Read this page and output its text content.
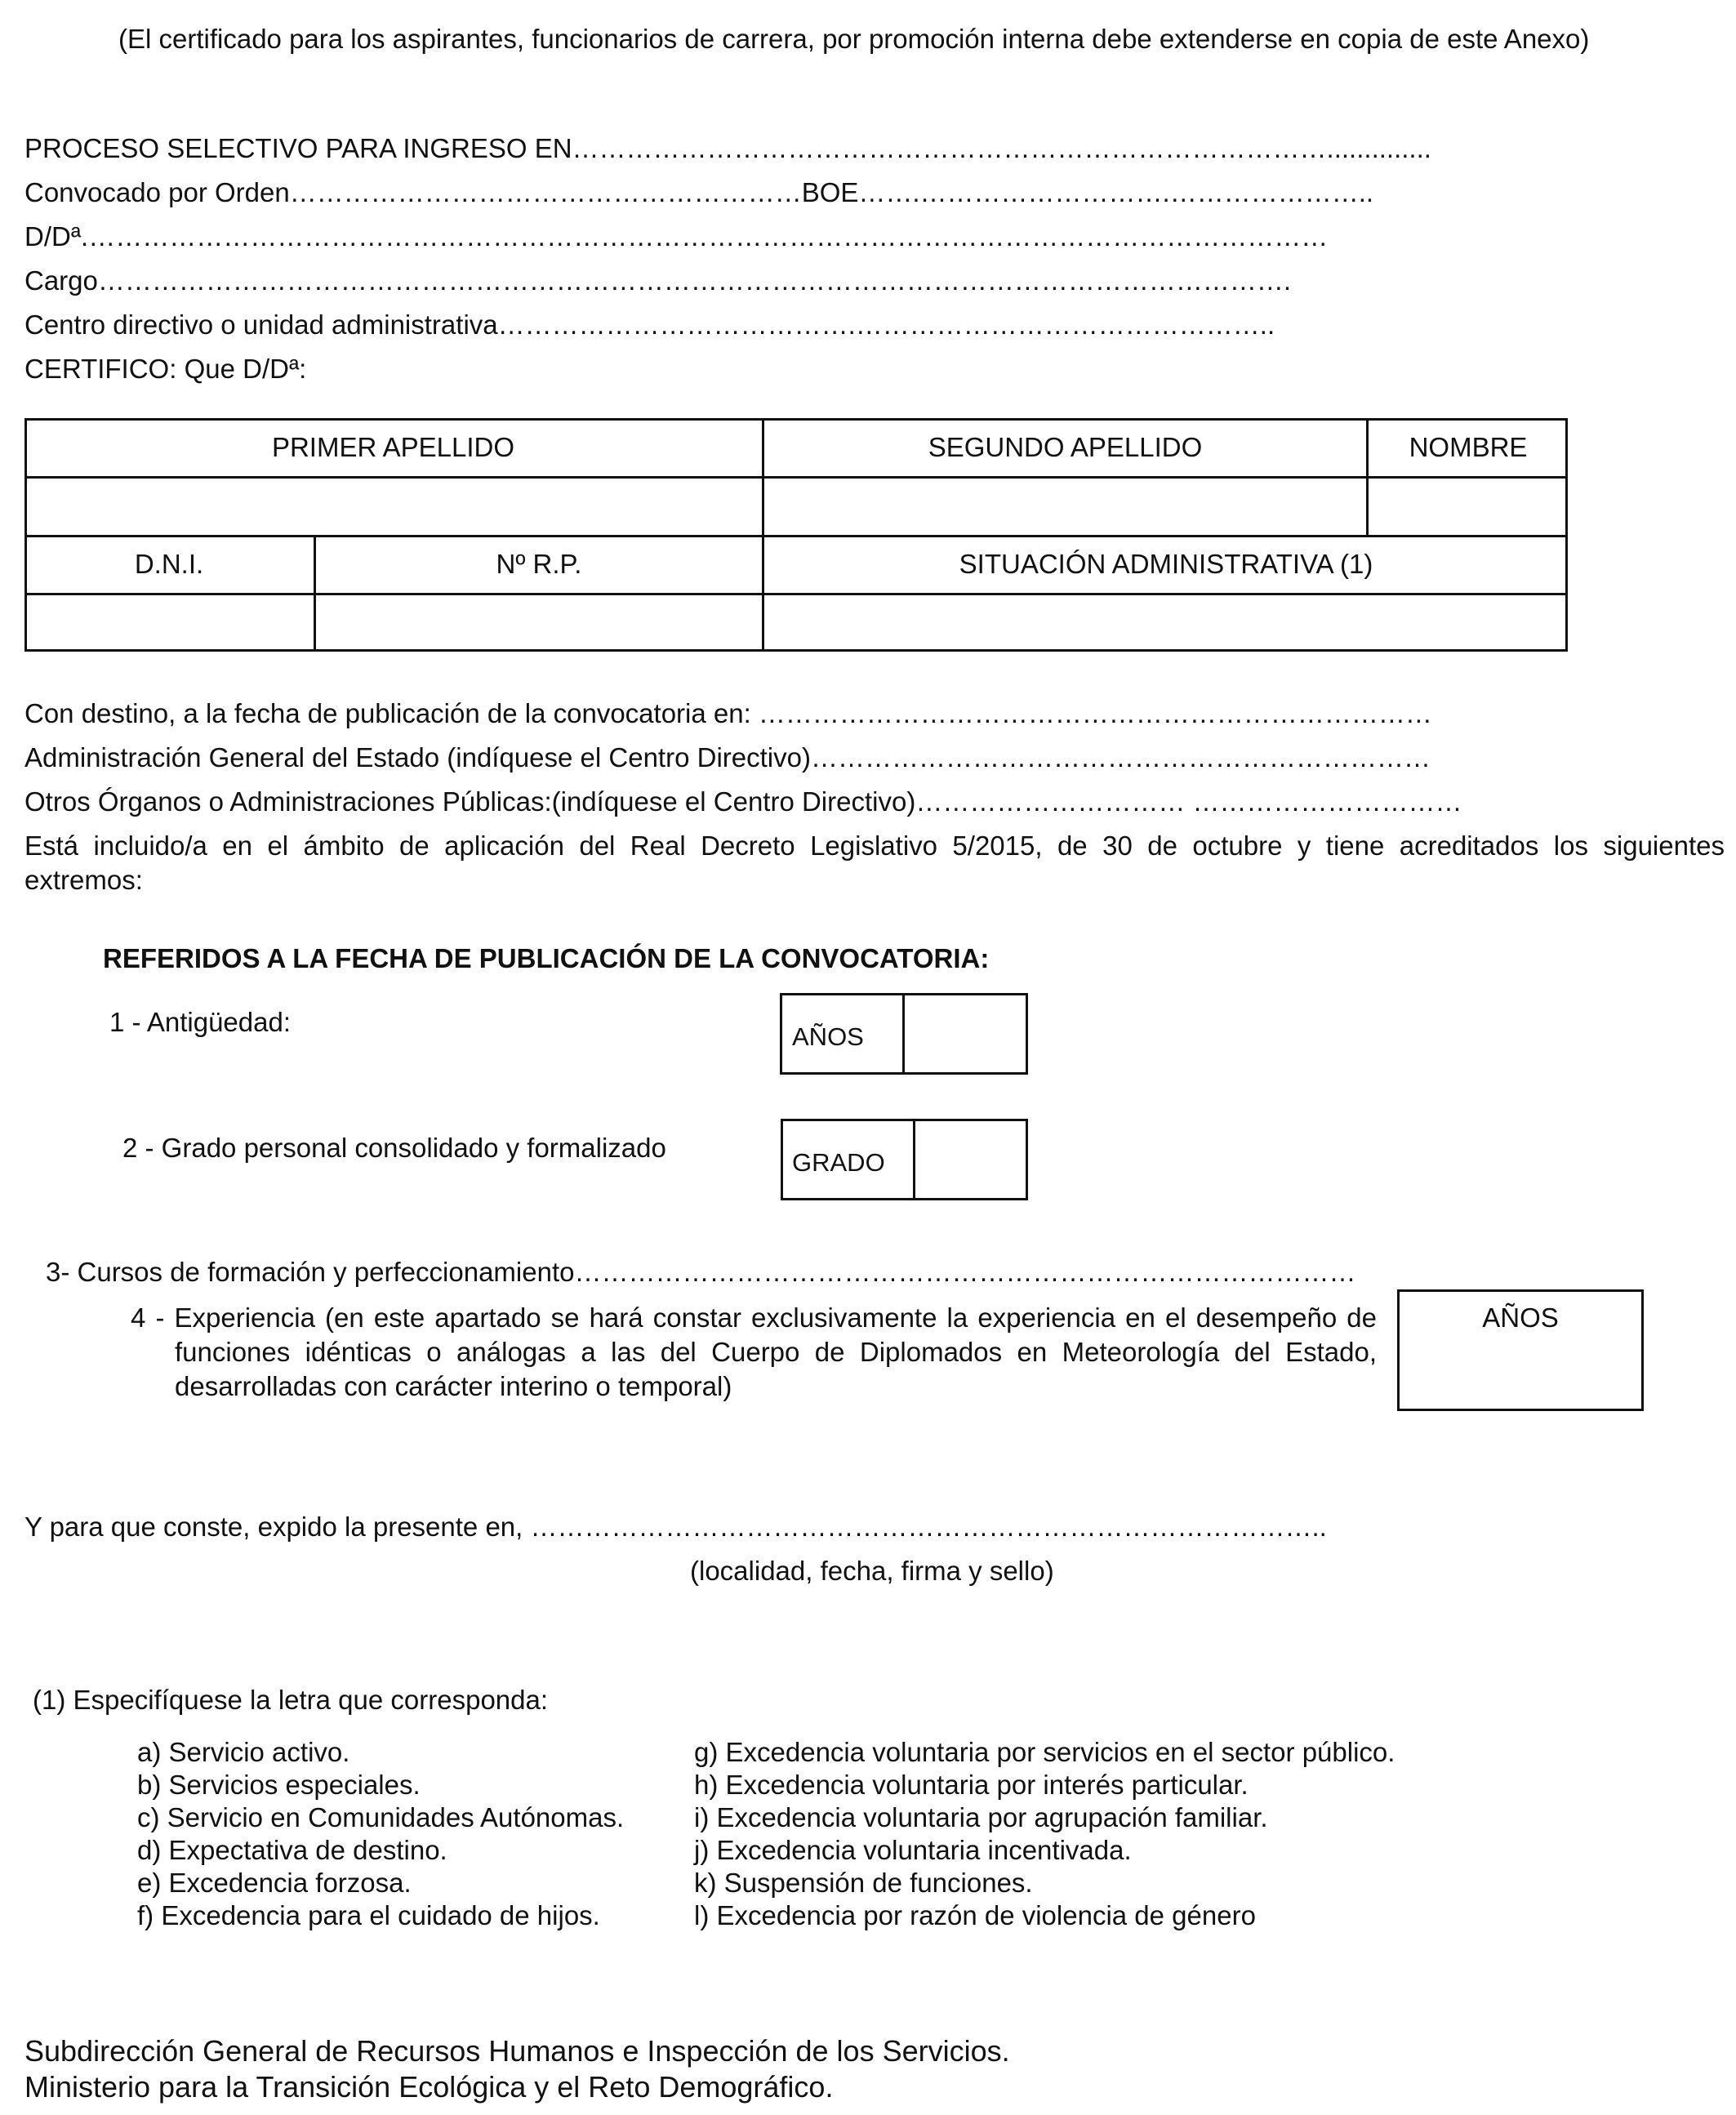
(El certificado para los aspirantes, funcionarios de carrera, por promoción interna debe extenderse en copia de este Anexo)
PROCESO SELECTIVO PARA INGRESO EN…………………………………………………………………………..............
Convocado por Orden…………………………………………………BOE…….……………………….…………………..
D/Dª.…………………………………………………………………………………………………………………………
Cargo…………………………………………………………………………………………………………………….
Centro directivo o unidad administrativa………………………………….………………………………………..
CERTIFICO: Que D/Dª:
PRIMER APELLIDO	SEGUNDO APELLIDO	NOMBRE
D.N.I.	Nº R.P.	SITUACIÓN ADMINISTRATIVA (1)
Con destino, a la fecha de publicación de la convocatoria en: …………………………………………………………………
Administración General del Estado (indíquese el Centro Directivo)……………………………………………………………
Otros Órganos o Administraciones Públicas:(indíquese el Centro Directivo)………………………… …………………………
Está incluido/a en el ámbito de aplicación del Real Decreto Legislativo 5/2015, de 30 de octubre y tiene acreditados los siguientes
extremos:
REFERIDOS A LA FECHA DE PUBLICACIÓN DE LA CONVOCATORIA:
1 - Antigüedad:	AÑOS
2 - Grado personal consolidado y formalizado	GRADO
3- Cursos de formación y perfeccionamiento……………………………………………………………………………
4 - Experiencia (en este apartado se hará constar exclusivamente la experiencia en el desempeño de
funciones idénticas o análogas a las del Cuerpo de Diplomados en Meteorología del Estado,
desarrolladas con carácter interino o temporal)
AÑOS
Y para que conste, expido la presente en, ……………………………………………………………………………..
(localidad, fecha, firma y sello)
(1) Especifíquese la letra que corresponda:
a) Servicio activo.
b) Servicios especiales.
c) Servicio en Comunidades Autónomas.
d) Expectativa de destino.
e) Excedencia forzosa.
f) Excedencia para el cuidado de hijos.
g) Excedencia voluntaria por servicios en el sector público.
h) Excedencia voluntaria por interés particular.
i) Excedencia voluntaria por agrupación familiar.
j) Excedencia voluntaria incentivada.
k) Suspensión de funciones.
l) Excedencia por razón de violencia de género
Subdirección General de Recursos Humanos e Inspección de los Servicios.
Ministerio para la Transición Ecológica y el Reto Demográfico.
